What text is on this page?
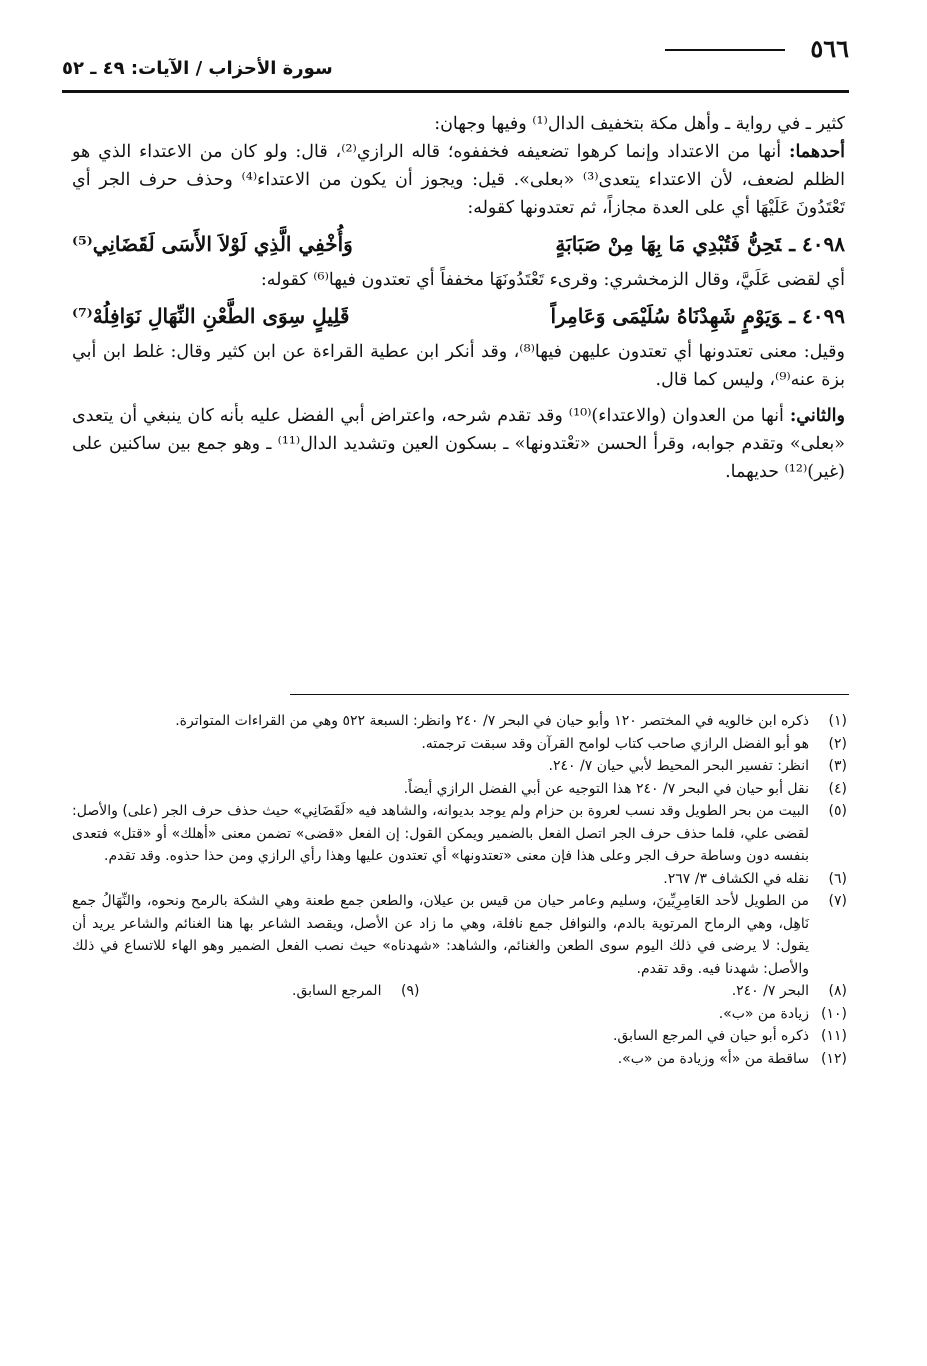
٥٦٦
سورة الأحزاب / الآيات: ٤٩ ـ ٥٢

كثير ـ في رواية ـ وأهل مكة بتخفيف الدال⁽¹⁾ وفيها وجهان:

أحدهما: أنها من الاعتداد وإنما كرهوا تضعيفه فخففوه؛ قاله الرازي⁽²⁾، قال: ولو كان من الاعتداء الذي هو الظلم لضعف، لأن الاعتداء يتعدى⁽³⁾ «بعلى». قيل: ويجوز أن يكون من الاعتداء⁽⁴⁾ وحذف حرف الجر أي تَعْتَدُونَ عَلَيْهَا أي على العدة مجازاً، ثم تعتدونها كقوله:

٤٠٩٨ ـتَحِنُّ فَتُبْدِي مَا بِهَا مِنْ صَبَابَةٍ
وَأُخْفِي الَّذِي لَوْلاَ الأَسَى لَقَضَانِي⁽⁵⁾

أي لقضى عَلَيَّ، وقال الزمخشري: وقرىء تَعْتَدُونَهَا مخففاً أي تعتدون فيها⁽⁶⁾ كقوله:

٤٠٩٩ ـوَيَوْمٍ شَهِدْنَاهُ سُلَيْمَى وَعَامِراً
قَلِيلٍ سِوَى الطَّعْنِ النِّهَالِ نَوَافِلُهْ⁽⁷⁾

وقيل: معنى تعتدونها أي تعتدون عليهن فيها⁽⁸⁾، وقد أنكر ابن عطية القراءة عن ابن كثير وقال: غلط ابن أبي بزة عنه⁽⁹⁾، وليس كما قال.

والثاني: أنها من العدوان (والاعتداء)⁽¹⁰⁾ وقد تقدم شرحه، واعتراض أبي الفضل عليه بأنه كان ينبغي أن يتعدى «بعلى» وتقدم جوابه، وقرأ الحسن «تعْتدونها» ـ بسكون العين وتشديد الدال⁽¹¹⁾ ـ وهو جمع بين ساكنين على (غير)⁽¹²⁾ حديهما.

(١)
ذكره ابن خالويه في المختصر ١٢٠ وأبو حيان في البحر ٧/ ٢٤٠ وانظر: السبعة ٥٢٢ وهي من القراءات المتواترة.
(٢)
هو أبو الفضل الرازي صاحب كتاب لوامح القرآن وقد سبقت ترجمته.
(٣)
انظر: تفسير البحر المحيط لأبي حيان ٧/ ٢٤٠.
(٤)
نقل أبو حيان في البحر ٧/ ٢٤٠ هذا التوجيه عن أبي الفضل الرازي أيضاً.
(٥)
البيت من بحر الطويل وقد نسب لعروة بن حزام ولم يوجد بديوانه، والشاهد فيه «لَقَضَانِي» حيث حذف حرف الجر (على) والأصل: لقضى علي، فلما حذف حرف الجر اتصل الفعل بالضمير ويمكن القول: إن الفعل «قضى» تضمن معنى «أهلك» أو «قتل» فتعدى بنفسه دون وساطة حرف الجر وعلى هذا فإن معنى «تعتدونها» أي تعتدون عليها وهذا رأي الرازي ومن حذا حذوه. وقد تقدم.
(٦)
نقله في الكشاف ٣/ ٢٦٧.
(٧)
من الطويل لأحد العَامِرِيِّينَ، وسليم وعامر حيان من قيس بن عيلان، والطعن جمع طعنة وهي الشكة بالرمح ونحوه، والنِّهَالُ جمع نَاهِل، وهي الرماح المرتوية بالدم، والنوافل جمع نافلة، وهي ما زاد عن الأصل، ويقصد الشاعر بها هنا الغنائم والشاعر يريد أن يقول: لا يرضى في ذلك اليوم سوى الطعن والغنائم، والشاهد: «شهدناه» حيث نصب الفعل الضمير وهو الهاء للاتساع في ذلك والأصل: شهدنا فيه. وقد تقدم.
(٨)
البحر ٧/ ٢٤٠.
(٩)
المرجع السابق.
(١٠)
زيادة من «ب».
(١١)
ذكره أبو حيان في المرجع السابق.
(١٢)
ساقطة من «أ» وزيادة من «ب».
